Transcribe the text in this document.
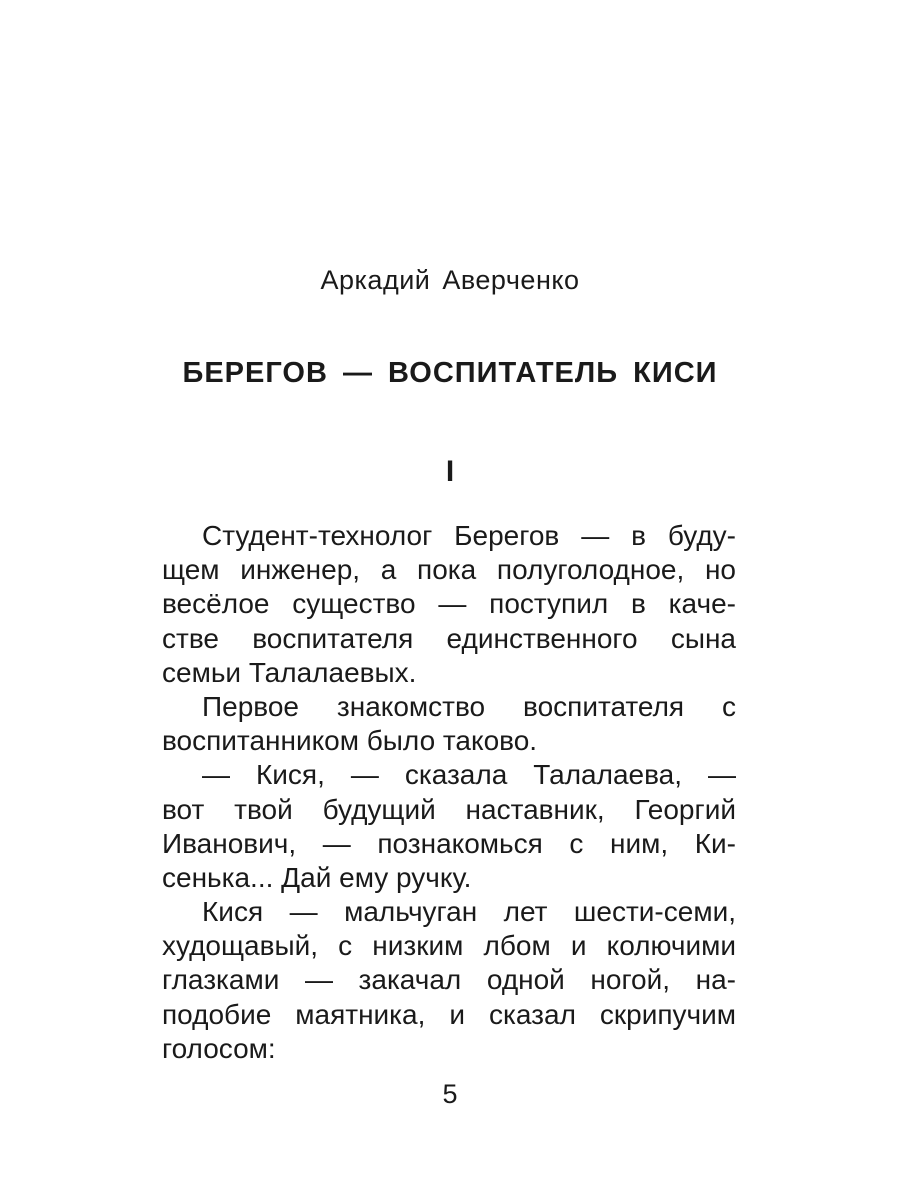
Аркадий Аверченко
БЕРЕГОВ — ВОСПИТАТЕЛЬ КИСИ
I
Студент-технолог Берегов — в буду-
щем инженер, а пока полуголодное, но
весёлое существо — поступил в каче-
стве воспитателя единственного сына
семьи Талалаевых.
Первое знакомство воспитателя с
воспитанником было таково.
— Кися, — сказала Талалаева, —
вот твой будущий наставник, Георгий
Иванович, — познакомься с ним, Ки-
сенька... Дай ему ручку.
Кися — мальчуган лет шести-семи,
худощавый, с низким лбом и колючими
глазками — закачал одной ногой, на-
подобие маятника, и сказал скрипучим
голосом:
5
